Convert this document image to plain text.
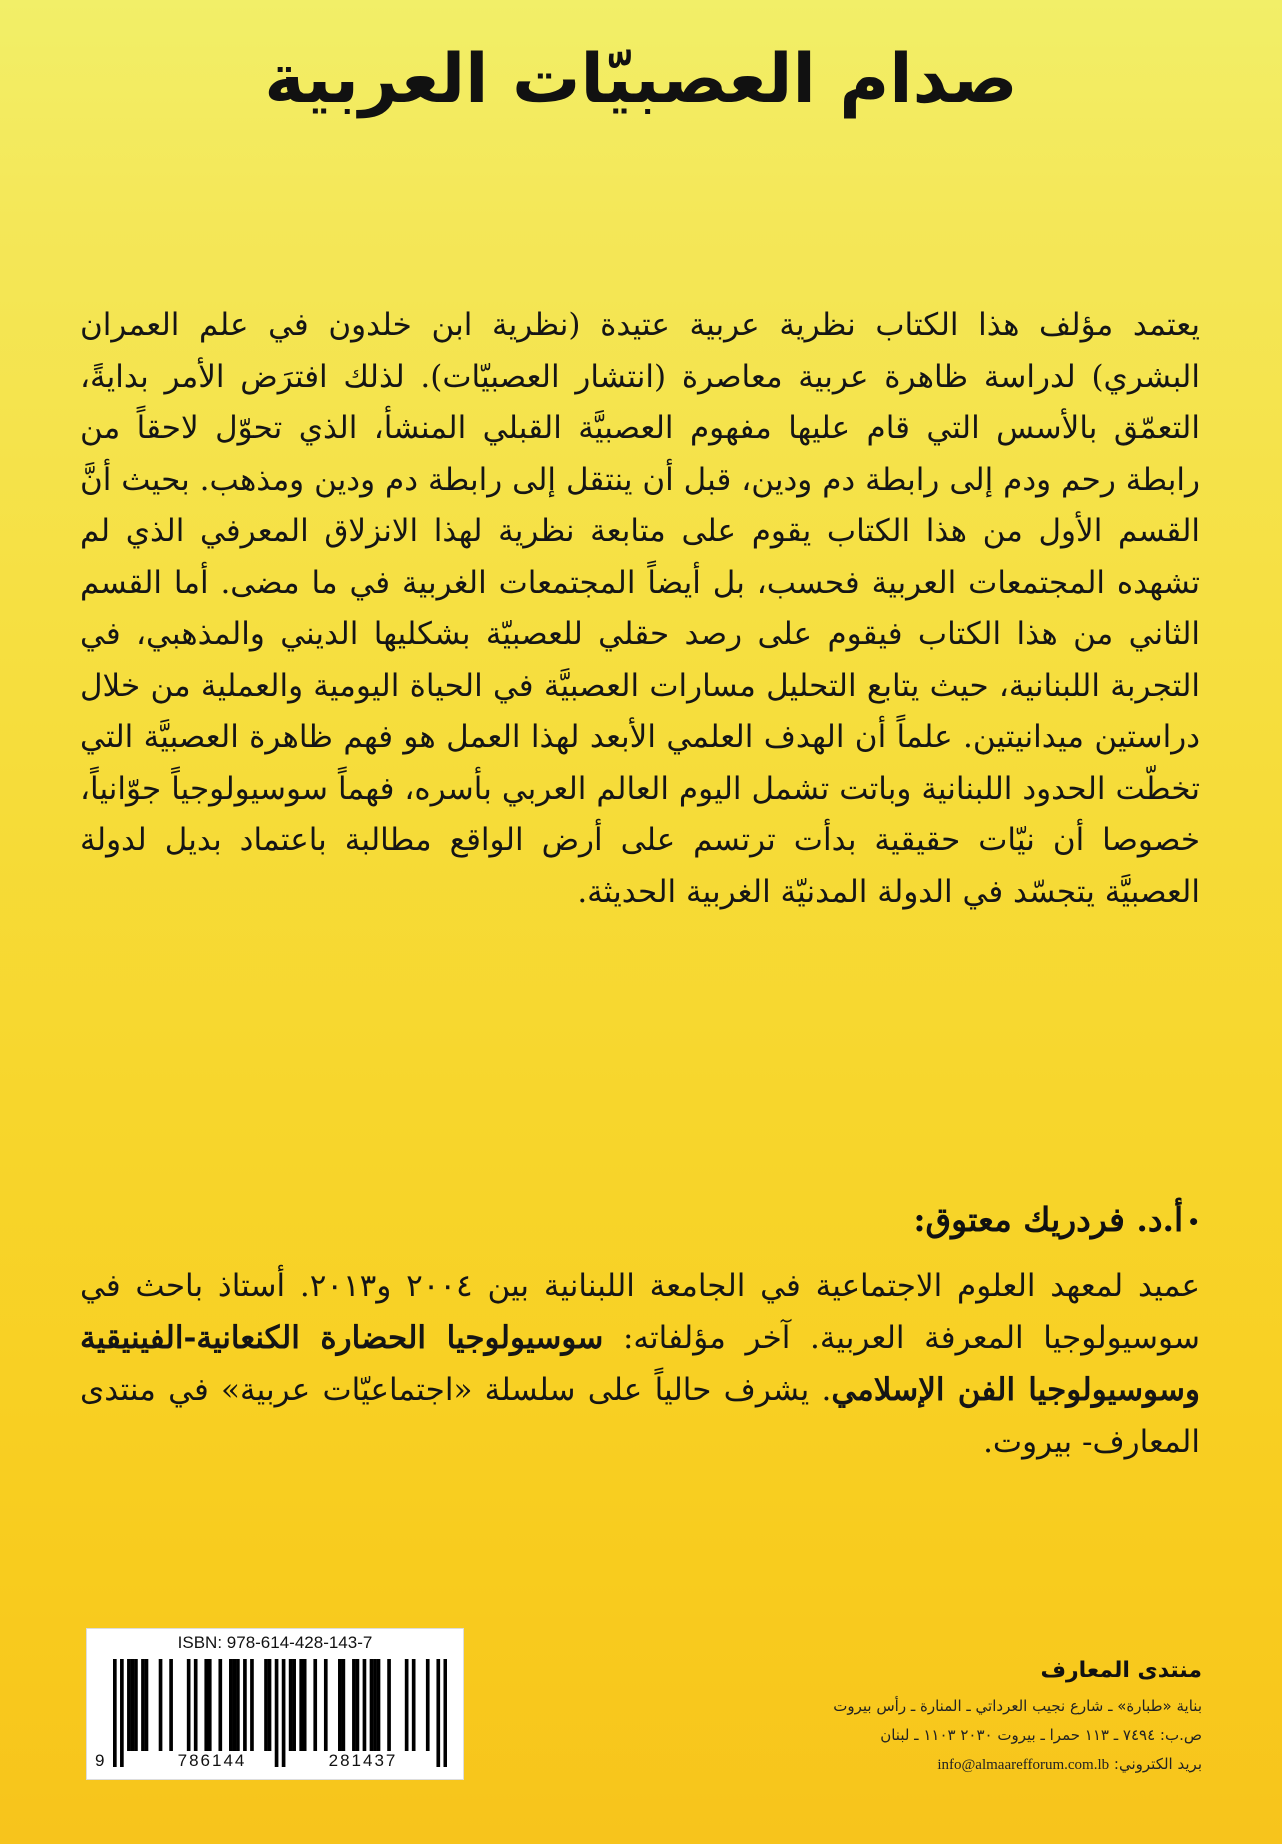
صدام العصبيّات العربية

يعتمد مؤلف هذا الكتاب نظرية عربية عتيدة (نظرية ابن خلدون في علم العمران البشري) لدراسة ظاهرة عربية معاصرة (انتشار العصبيّات). لذلك افترَض الأمر بدايةً، التعمّق بالأسس التي قام عليها مفهوم العصبيَّة القبلي المنشأ، الذي تحوّل لاحقاً من رابطة رحم ودم إلى رابطة دم ودين، قبل أن ينتقل إلى رابطة دم ودين ومذهب. بحيث أنَّ القسم الأول من هذا الكتاب يقوم على متابعة نظرية لهذا الانزلاق المعرفي الذي لم تشهده المجتمعات العربية فحسب، بل أيضاً المجتمعات الغربية في ما مضى. أما القسم الثاني من هذا الكتاب فيقوم على رصد حقلي للعصبيّة بشكليها الديني والمذهبي، في التجربة اللبنانية، حيث يتابع التحليل مسارات العصبيَّة في الحياة اليومية والعملية من خلال دراستين ميدانيتين. علماً أن الهدف العلمي الأبعد لهذا العمل هو فهم ظاهرة العصبيَّة التي تخطّت الحدود اللبنانية وباتت تشمل اليوم العالم العربي بأسره، فهماً سوسيولوجياً جوّانياً، خصوصا أن نيّات حقيقية بدأت ترتسم على أرض الواقع مطالبة باعتماد بديل لدولة العصبيَّة يتجسّد في الدولة المدنيّة الغربية الحديثة.

•أ.د. فردريك معتوق:
عميد لمعهد العلوم الاجتماعية في الجامعة اللبنانية بين ٢٠٠٤ و٢٠١٣. أستاذ باحث في سوسيولوجيا المعرفة العربية. آخر مؤلفاته: سوسيولوجيا الحضارة الكنعانية-الفينيقية وسوسيولوجيا الفن الإسلامي. يشرف حالياً على سلسلة «اجتماعيّات عربية» في منتدى المعارف- بيروت.
ISBN: 978-614-428-143-7
9	786144	281437
منتدى المعارف
بناية «طبارة» ـ شارع نجيب العرداتي ـ المنارة ـ رأس بيروت
ص.ب: ٧٤٩٤ ـ ١١٣ حمرا ـ بيروت ٢٠٣٠ ١١٠٣ ـ لبنان
بريد الكتروني: info@almaarefforum.com.lb
